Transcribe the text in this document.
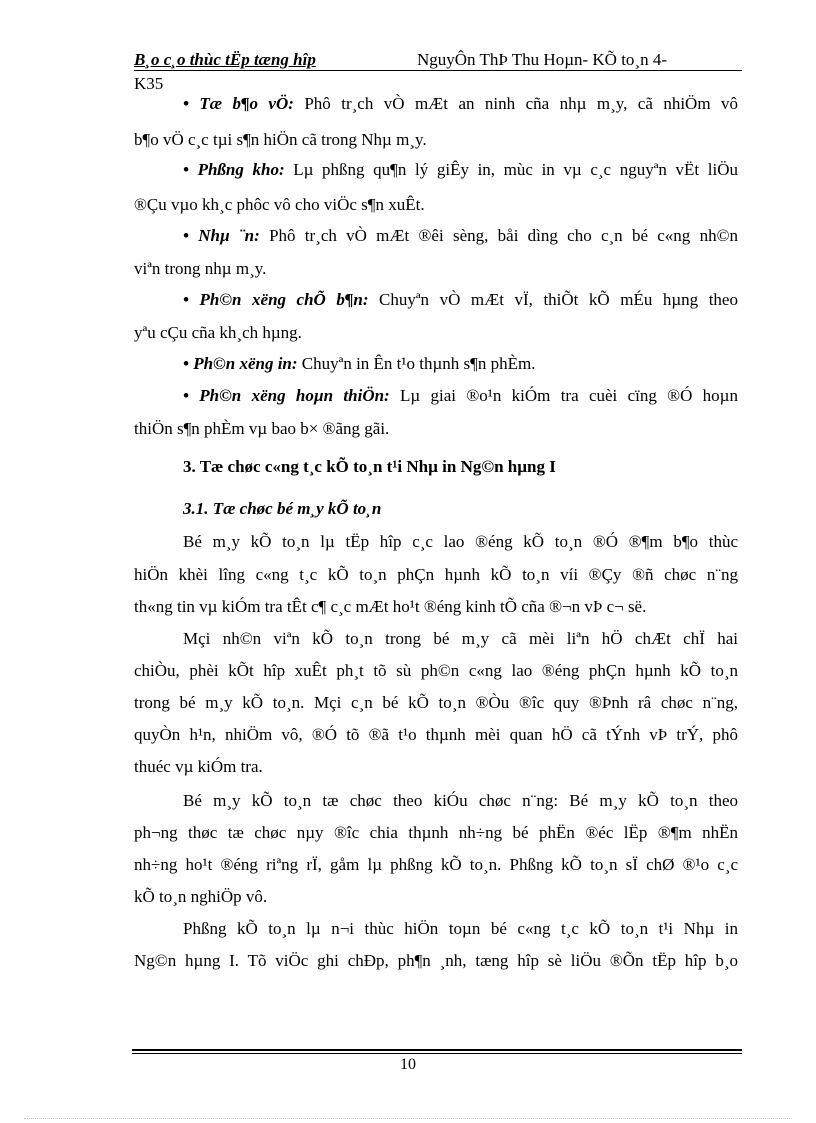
B¸o c¸o thùc tËp tæng hîp	NguyÔn ThÞ Thu Hoµn- KÕ to¸n 4-
K35
• Tæ b¶o vÖ: Phô tr¸ch vÒ mÆt an ninh cña nhµ m¸y, cã nhiÖm vô
b¶o vÖ c¸c tµi s¶n hiÖn cã trong Nhµ m¸y.
• Phßng kho: Lµ phßng qu¶n lý giÊy in, mùc in vµ c¸c nguyªn vËt liÖu
®Çu vµo kh¸c phôc vô cho viÖc s¶n xuÊt.
• Nhµ ¨n: Phô tr¸ch vÒ mÆt ®êi sèng, båi dìng cho c¸n bé c«ng nh©n
viªn trong nhµ m¸y.
• Ph©n xëng chÕ b¶n: Chuyªn vÒ mÆt vÏ, thiÕt kÕ mÉu hµng theo
yªu cÇu cña kh¸ch hµng.
• Ph©n xëng in: Chuyªn in Ên t¹o thµnh s¶n phÈm.
• Ph©n xëng hoµn thiÖn: Lµ giai ®o¹n kiÓm tra cuèi cïng ®Ó hoµn
thiÖn s¶n phÈm vµ bao b× ®ãng gãi.
3. Tæ chøc c«ng t¸c kÕ to¸n t¹i Nhµ in Ng©n hµng I
3.1. Tæ chøc bé m¸y kÕ to¸n
Bé m¸y kÕ to¸n lµ tËp hîp c¸c lao ®éng kÕ to¸n ®Ó ®¶m b¶o thùc
hiÖn khèi lîng c«ng t¸c kÕ to¸n phÇn hµnh kÕ to¸n víi ®Çy ®ñ chøc n¨ng
th«ng tin vµ kiÓm tra tÊt c¶ c¸c mÆt ho¹t ®éng kinh tÕ cña ®¬n vÞ c¬ së.
Mçi nh©n viªn kÕ to¸n trong bé m¸y cã mèi liªn hÖ chÆt chÏ hai
chiÒu, phèi kÕt hîp xuÊt ph¸t tõ sù ph©n c«ng lao ®éng phÇn hµnh kÕ to¸n
trong bé m¸y kÕ to¸n. Mçi c¸n bé kÕ to¸n ®Òu ®îc quy ®Þnh râ chøc n¨ng,
quyÒn h¹n, nhiÖm vô, ®Ó tõ ®ã t¹o thµnh mèi quan hÖ cã tÝnh vÞ trÝ, phô
thuéc vµ kiÓm tra.
Bé m¸y kÕ to¸n tæ chøc theo kiÓu chøc n¨ng: Bé m¸y kÕ to¸n theo
ph¬ng thøc tæ chøc nµy ®îc chia thµnh nh÷ng bé phËn ®éc lËp ®¶m nhËn
nh÷ng ho¹t ®éng riªng rÏ, gåm lµ phßng kÕ to¸n. Phßng kÕ to¸n sÏ chØ ®¹o c¸c
kÕ to¸n nghiÖp vô.
Phßng kÕ to¸n lµ n¬i thùc hiÖn toµn bé c«ng t¸c kÕ to¸n t¹i Nhµ in
Ng©n hµng I. Tõ viÖc ghi chÐp, ph¶n ¸nh, tæng hîp sè liÖu ®Õn tËp hîp b¸o
10
